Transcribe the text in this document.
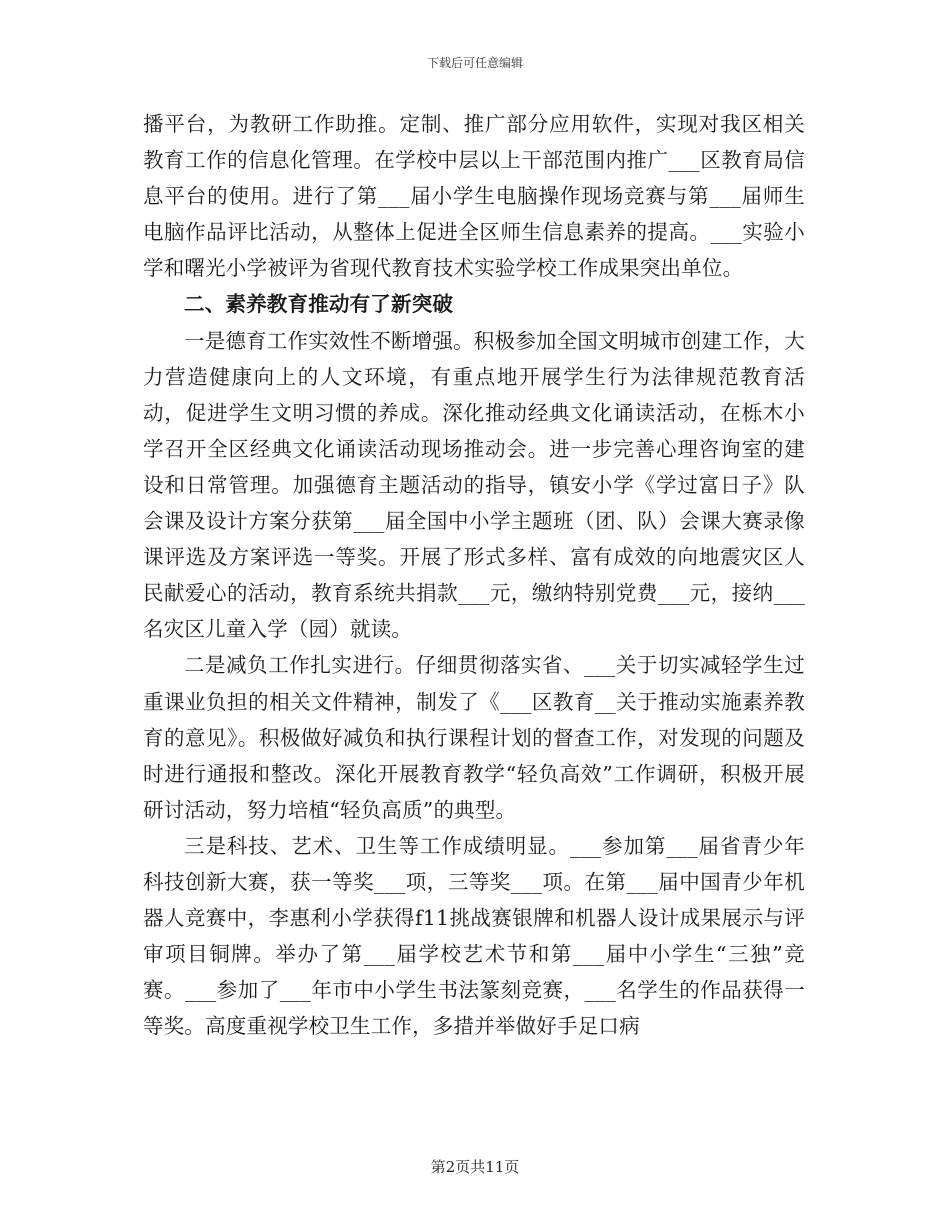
下载后可任意编辑

播平台，为教研工作助推。定制、推广部分应用软件，实现对我区相关教育工作的信息化管理。在学校中层以上干部范围内推广___区教育局信息平台的使用。进行了第___届小学生电脑操作现场竞赛与第___届师生电脑作品评比活动，从整体上促进全区师生信息素养的提高。___实验小学和曙光小学被评为省现代教育技术实验学校工作成果突出单位。

二、素养教育推动有了新突破

一是德育工作实效性不断增强。积极参加全国文明城市创建工作，大力营造健康向上的人文环境，有重点地开展学生行为法律规范教育活动，促进学生文明习惯的养成。深化推动经典文化诵读活动，在栎木小学召开全区经典文化诵读活动现场推动会。进一步完善心理咨询室的建设和日常管理。加强德育主题活动的指导，镇安小学《学过富日子》队会课及设计方案分获第___届全国中小学主题班（团、队）会课大赛录像课评选及方案评选一等奖。开展了形式多样、富有成效的向地震灾区人民献爱心的活动，教育系统共捐款___元，缴纳特别党费___元，接纳___名灾区儿童入学（园）就读。

二是减负工作扎实进行。仔细贯彻落实省、___关于切实减轻学生过重课业负担的相关文件精神，制发了《___区教育__关于推动实施素养教育的意见》。积极做好减负和执行课程计划的督查工作，对发现的问题及时进行通报和整改。深化开展教育教学“轻负高效”工作调研，积极开展研讨活动，努力培植“轻负高质”的典型。

三是科技、艺术、卫生等工作成绩明显。___参加第___届省青少年科技创新大赛，获一等奖___项，三等奖___项。在第___届中国青少年机器人竞赛中，李惠利小学获得f11挑战赛银牌和机器人设计成果展示与评审项目铜牌。举办了第___届学校艺术节和第___届中小学生“三独”竞赛。___参加了___年市中小学生书法篆刻竞赛，___名学生的作品获得一等奖。高度重视学校卫生工作，多措并举做好手足口病

第2页共11页
